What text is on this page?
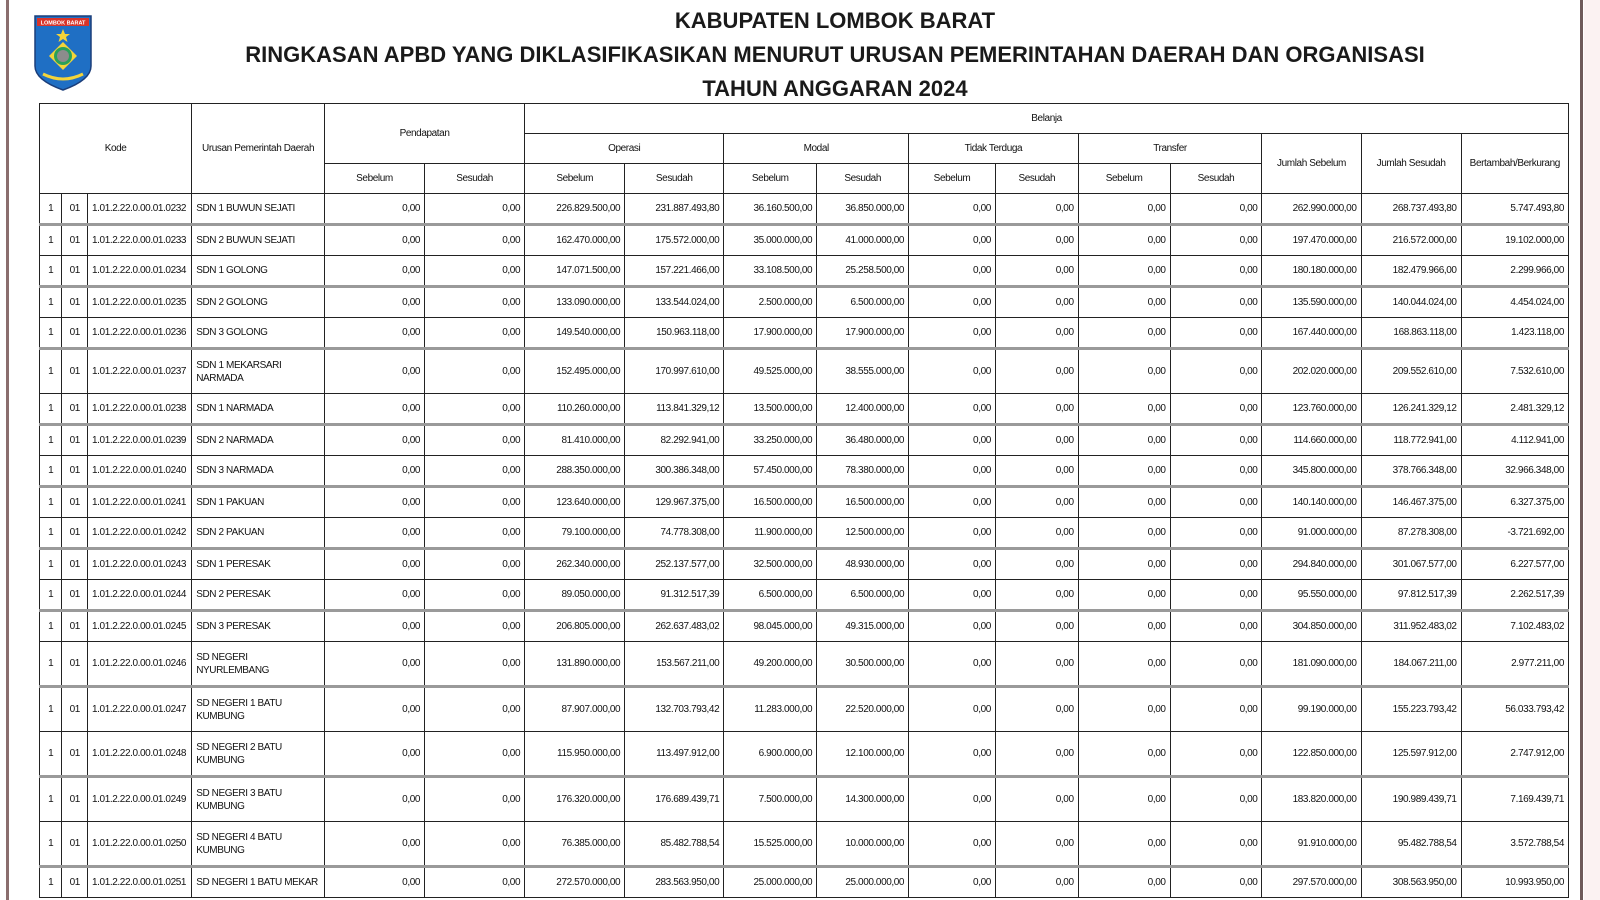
LOMBOK BARAT	KABUPATEN LOMBOK BARAT
RINGKASAN APBD YANG DIKLASIFIKASIKAN MENURUT URUSAN PEMERINTAHAN DAERAH DAN ORGANISASI
TAHUN ANGGARAN 2024
Kode			Urusan Pemerintah Daerah	Pendapatan		Belanja										
						Operasi		Modal		Tidak Terduga		Transfer		Jumlah Sebelum	Jumlah Sesudah	Bertambah/Berkurang
				Sebelum	Sesudah	Sebelum	Sesudah	Sebelum	Sesudah	Sebelum	Sesudah	Sebelum	Sesudah			
1	01	1.01.2.22.0.00.01.0232	SDN 1 BUWUN SEJATI	0,00	0,00	226.829.500,00	231.887.493,80	36.160.500,00	36.850.000,00	0,00	0,00	0,00	0,00	262.990.000,00	268.737.493,80	5.747.493,80
1	01	1.01.2.22.0.00.01.0233	SDN 2 BUWUN SEJATI	0,00	0,00	162.470.000,00	175.572.000,00	35.000.000,00	41.000.000,00	0,00	0,00	0,00	0,00	197.470.000,00	216.572.000,00	19.102.000,00
1	01	1.01.2.22.0.00.01.0234	SDN 1 GOLONG	0,00	0,00	147.071.500,00	157.221.466,00	33.108.500,00	25.258.500,00	0,00	0,00	0,00	0,00	180.180.000,00	182.479.966,00	2.299.966,00
1	01	1.01.2.22.0.00.01.0235	SDN 2 GOLONG	0,00	0,00	133.090.000,00	133.544.024,00	2.500.000,00	6.500.000,00	0,00	0,00	0,00	0,00	135.590.000,00	140.044.024,00	4.454.024,00
1	01	1.01.2.22.0.00.01.0236	SDN 3 GOLONG	0,00	0,00	149.540.000,00	150.963.118,00	17.900.000,00	17.900.000,00	0,00	0,00	0,00	0,00	167.440.000,00	168.863.118,00	1.423.118,00
1	01	1.01.2.22.0.00.01.0237	SDN 1 MEKARSARI NARMADA	0,00	0,00	152.495.000,00	170.997.610,00	49.525.000,00	38.555.000,00	0,00	0,00	0,00	0,00	202.020.000,00	209.552.610,00	7.532.610,00
1	01	1.01.2.22.0.00.01.0238	SDN 1 NARMADA	0,00	0,00	110.260.000,00	113.841.329,12	13.500.000,00	12.400.000,00	0,00	0,00	0,00	0,00	123.760.000,00	126.241.329,12	2.481.329,12
1	01	1.01.2.22.0.00.01.0239	SDN 2 NARMADA	0,00	0,00	81.410.000,00	82.292.941,00	33.250.000,00	36.480.000,00	0,00	0,00	0,00	0,00	114.660.000,00	118.772.941,00	4.112.941,00
1	01	1.01.2.22.0.00.01.0240	SDN 3 NARMADA	0,00	0,00	288.350.000,00	300.386.348,00	57.450.000,00	78.380.000,00	0,00	0,00	0,00	0,00	345.800.000,00	378.766.348,00	32.966.348,00
1	01	1.01.2.22.0.00.01.0241	SDN 1 PAKUAN	0,00	0,00	123.640.000,00	129.967.375,00	16.500.000,00	16.500.000,00	0,00	0,00	0,00	0,00	140.140.000,00	146.467.375,00	6.327.375,00
1	01	1.01.2.22.0.00.01.0242	SDN 2 PAKUAN	0,00	0,00	79.100.000,00	74.778.308,00	11.900.000,00	12.500.000,00	0,00	0,00	0,00	0,00	91.000.000,00	87.278.308,00	-3.721.692,00
1	01	1.01.2.22.0.00.01.0243	SDN 1 PERESAK	0,00	0,00	262.340.000,00	252.137.577,00	32.500.000,00	48.930.000,00	0,00	0,00	0,00	0,00	294.840.000,00	301.067.577,00	6.227.577,00
1	01	1.01.2.22.0.00.01.0244	SDN 2 PERESAK	0,00	0,00	89.050.000,00	91.312.517,39	6.500.000,00	6.500.000,00	0,00	0,00	0,00	0,00	95.550.000,00	97.812.517,39	2.262.517,39
1	01	1.01.2.22.0.00.01.0245	SDN 3 PERESAK	0,00	0,00	206.805.000,00	262.637.483,02	98.045.000,00	49.315.000,00	0,00	0,00	0,00	0,00	304.850.000,00	311.952.483,02	7.102.483,02
1	01	1.01.2.22.0.00.01.0246	SD NEGERI NYURLEMBANG	0,00	0,00	131.890.000,00	153.567.211,00	49.200.000,00	30.500.000,00	0,00	0,00	0,00	0,00	181.090.000,00	184.067.211,00	2.977.211,00
1	01	1.01.2.22.0.00.01.0247	SD NEGERI 1 BATU KUMBUNG	0,00	0,00	87.907.000,00	132.703.793,42	11.283.000,00	22.520.000,00	0,00	0,00	0,00	0,00	99.190.000,00	155.223.793,42	56.033.793,42
1	01	1.01.2.22.0.00.01.0248	SD NEGERI 2 BATU KUMBUNG	0,00	0,00	115.950.000,00	113.497.912,00	6.900.000,00	12.100.000,00	0,00	0,00	0,00	0,00	122.850.000,00	125.597.912,00	2.747.912,00
1	01	1.01.2.22.0.00.01.0249	SD NEGERI 3 BATU KUMBUNG	0,00	0,00	176.320.000,00	176.689.439,71	7.500.000,00	14.300.000,00	0,00	0,00	0,00	0,00	183.820.000,00	190.989.439,71	7.169.439,71
1	01	1.01.2.22.0.00.01.0250	SD NEGERI 4 BATU KUMBUNG	0,00	0,00	76.385.000,00	85.482.788,54	15.525.000,00	10.000.000,00	0,00	0,00	0,00	0,00	91.910.000,00	95.482.788,54	3.572.788,54
1	01	1.01.2.22.0.00.01.0251	SD NEGERI 1 BATU MEKAR	0,00	0,00	272.570.000,00	283.563.950,00	25.000.000,00	25.000.000,00	0,00	0,00	0,00	0,00	297.570.000,00	308.563.950,00	10.993.950,00
